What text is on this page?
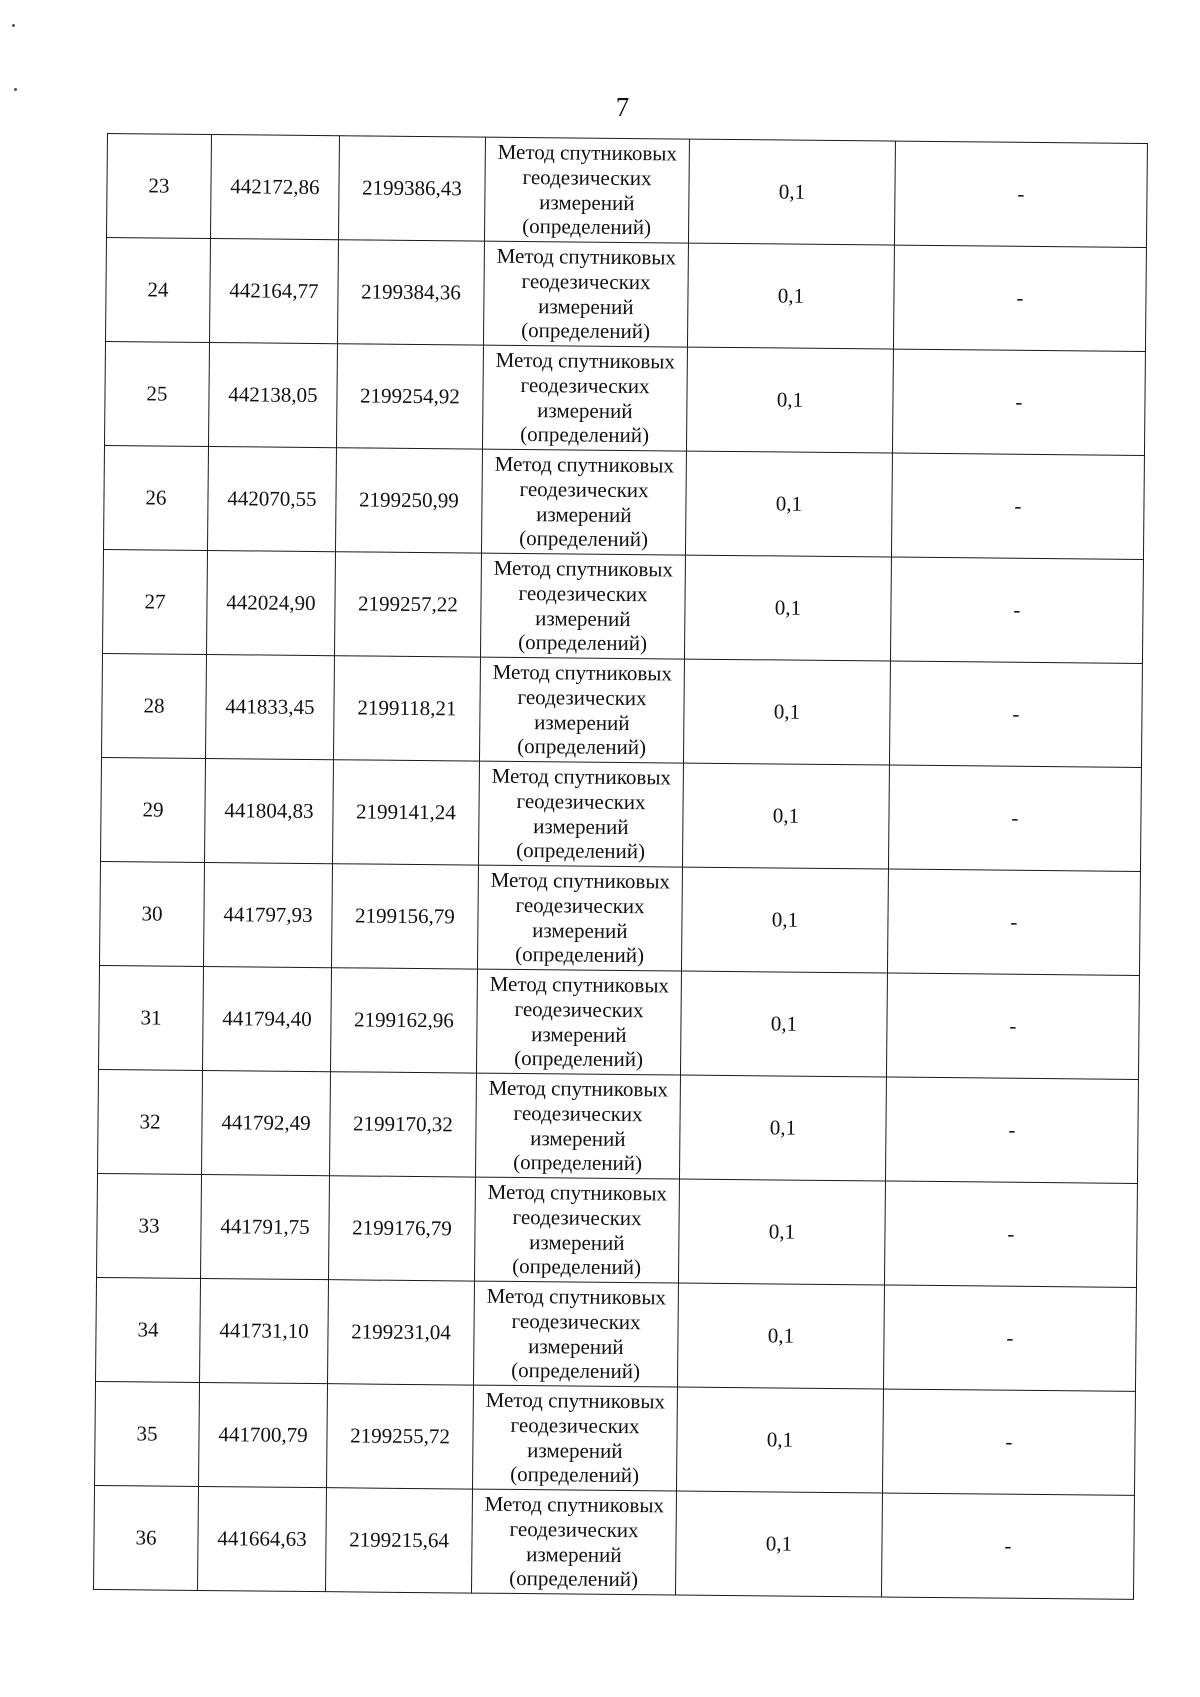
7
23	442172,86	2199386,43	Метод спутниковых геодезических измерений (определений)	0,1	-
24	442164,77	2199384,36	Метод спутниковых геодезических измерений (определений)	0,1	-
25	442138,05	2199254,92	Метод спутниковых геодезических измерений (определений)	0,1	-
26	442070,55	2199250,99	Метод спутниковых геодезических измерений (определений)	0,1	-
27	442024,90	2199257,22	Метод спутниковых геодезических измерений (определений)	0,1	-
28	441833,45	2199118,21	Метод спутниковых геодезических измерений (определений)	0,1	-
29	441804,83	2199141,24	Метод спутниковых геодезических измерений (определений)	0,1	-
30	441797,93	2199156,79	Метод спутниковых геодезических измерений (определений)	0,1	-
31	441794,40	2199162,96	Метод спутниковых геодезических измерений (определений)	0,1	-
32	441792,49	2199170,32	Метод спутниковых геодезических измерений (определений)	0,1	-
33	441791,75	2199176,79	Метод спутниковых геодезических измерений (определений)	0,1	-
34	441731,10	2199231,04	Метод спутниковых геодезических измерений (определений)	0,1	-
35	441700,79	2199255,72	Метод спутниковых геодезических измерений (определений)	0,1	-
36	441664,63	2199215,64	Метод спутниковых геодезических измерений (определений)	0,1	-
